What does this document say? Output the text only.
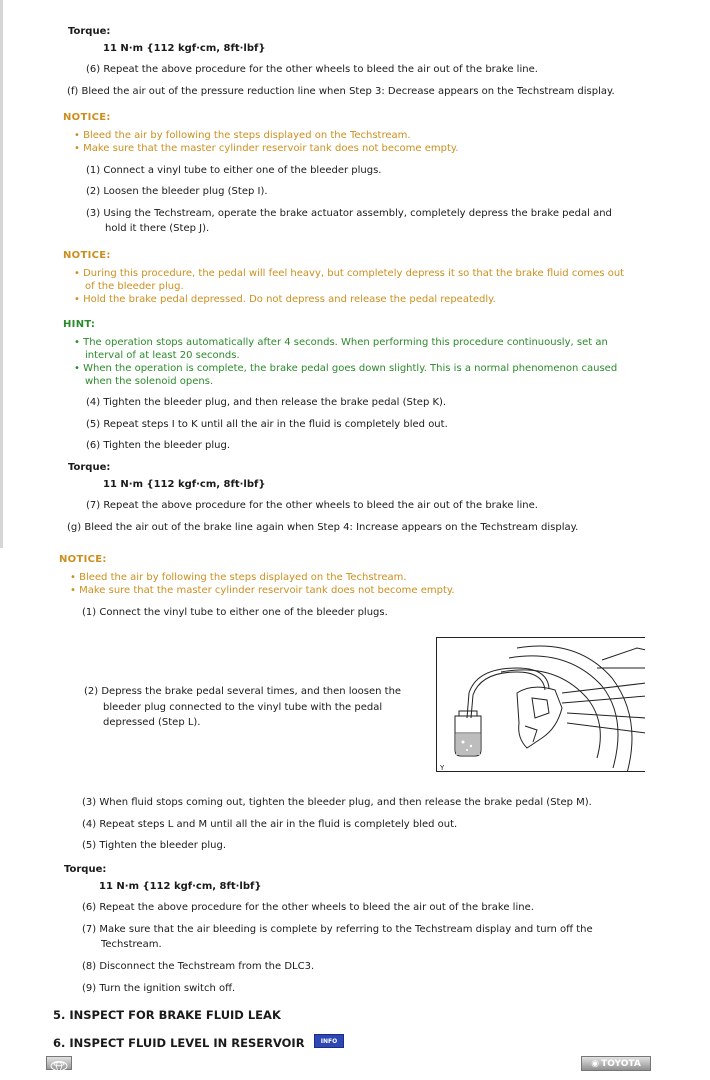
Torque:
11 N·m {112 kgf·cm, 8ft·lbf}
(6) Repeat the above procedure for the other wheels to bleed the air out of the brake line.
(f) Bleed the air out of the pressure reduction line when Step 3: Decrease appears on the Techstream display.
NOTICE:
• Bleed the air by following the steps displayed on the Techstream.
• Make sure that the master cylinder reservoir tank does not become empty.
(1) Connect a vinyl tube to either one of the bleeder plugs.
(2) Loosen the bleeder plug (Step I).
(3) Using the Techstream, operate the brake actuator assembly, completely depress the brake pedal and
hold it there (Step J).
NOTICE:
• During this procedure, the pedal will feel heavy, but completely depress it so that the brake fluid comes out
of the bleeder plug.
• Hold the brake pedal depressed. Do not depress and release the pedal repeatedly.
HINT:
• The operation stops automatically after 4 seconds. When performing this procedure continuously, set an
interval of at least 20 seconds.
• When the operation is complete, the brake pedal goes down slightly. This is a normal phenomenon caused
when the solenoid opens.
(4) Tighten the bleeder plug, and then release the brake pedal (Step K).
(5) Repeat steps I to K until all the air in the fluid is completely bled out.
(6) Tighten the bleeder plug.
Torque:
11 N·m {112 kgf·cm, 8ft·lbf}
(7) Repeat the above procedure for the other wheels to bleed the air out of the brake line.
(g) Bleed the air out of the brake line again when Step 4: Increase appears on the Techstream display.
NOTICE:
• Bleed the air by following the steps displayed on the Techstream.
• Make sure that the master cylinder reservoir tank does not become empty.
(1) Connect the vinyl tube to either one of the bleeder plugs.
(2) Depress the brake pedal several times, and then loosen the
bleeder plug connected to the vinyl tube with the pedal
depressed (Step L).
Y
(3) When fluid stops coming out, tighten the bleeder plug, and then release the brake pedal (Step M).
(4) Repeat steps L and M until all the air in the fluid is completely bled out.
(5) Tighten the bleeder plug.
Torque:
11 N·m {112 kgf·cm, 8ft·lbf}
(6) Repeat the above procedure for the other wheels to bleed the air out of the brake line.
(7) Make sure that the air bleeding is complete by referring to the Techstream display and turn off the
Techstream.
(8) Disconnect the Techstream from the DLC3.
(9) Turn the ignition switch off.
5. INSPECT FOR BRAKE FLUID LEAK
6. INSPECT FLUID LEVEL IN RESERVOIR	INFO
◉ TOYOTA
